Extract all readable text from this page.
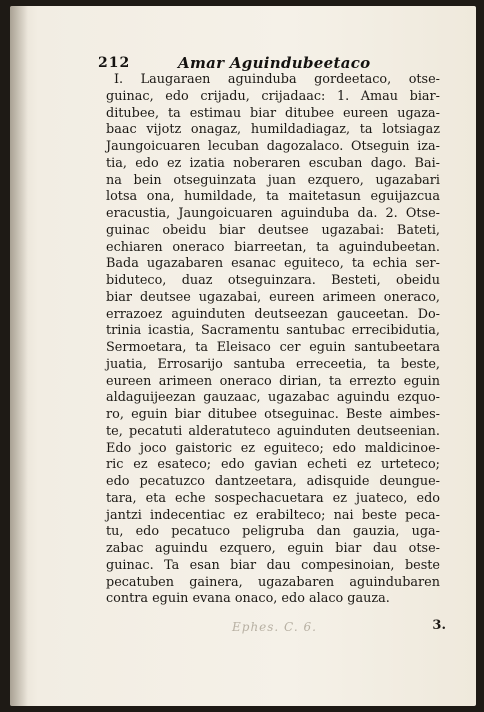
212	Amar Aguindubeetaco
I. Laugaraen aguinduba gordeetaco, otse-
guinac, edo crijadu, crijadaac: 1. Amau biar-
ditubee, ta estimau biar ditubee eureen ugaza-
baac vijotz onagaz, humildadiagaz, ta lotsiagaz
Jaungoicuaren lecuban dagozalaco. Otseguin iza-
tia, edo ez izatia noberaren escuban dago. Bai-
na bein otseguinzata juan ezquero, ugazabari
lotsa ona, humildade, ta maitetasun eguijazcua
eracustia, Jaungoicuaren aguinduba da. 2. Otse-
guinac obeidu biar deutsee ugazabai: Bateti,
echiaren oneraco biarreetan, ta aguindubeetan.
Bada ugazabaren esanac eguiteco, ta echia ser-
biduteco, duaz otseguinzara. Besteti, obeidu
biar deutsee ugazabai, eureen arimeen oneraco,
errazoez aguinduten deutseezan gauceetan. Do-
trinia icastia, Sacramentu santubac errecibidutia,
Sermoetara, ta Eleisaco cer eguin santubeetara
juatia, Errosarijo santuba erreceetia, ta beste,
eureen arimeen oneraco dirian, ta errezto eguin
aldaguijeezan gauzaac, ugazabac aguindu ezquo-
ro, eguin biar ditubee otseguinac. Beste aimbes-
te, pecatuti alderatuteco aguinduten deutseenian.
Edo joco gaistoric ez eguiteco; edo maldicinoe-
ric ez esateco; edo gavian echeti ez urteteco;
edo pecatuzco dantzeetara, adisquide deungue-
tara, eta eche sospechacuetara ez juateco, edo
jantzi indecentiac ez erabilteco; nai beste peca-
tu, edo pecatuco peligruba dan gauzia, uga-
zabac aguindu ezquero, eguin biar dau otse-
guinac. Ta esan biar dau compesinoian, beste
pecatuben gainera, ugazabaren aguindubaren
contra eguin evana onaco, edo alaco gauza.
Ephes. C. 6.	3.
